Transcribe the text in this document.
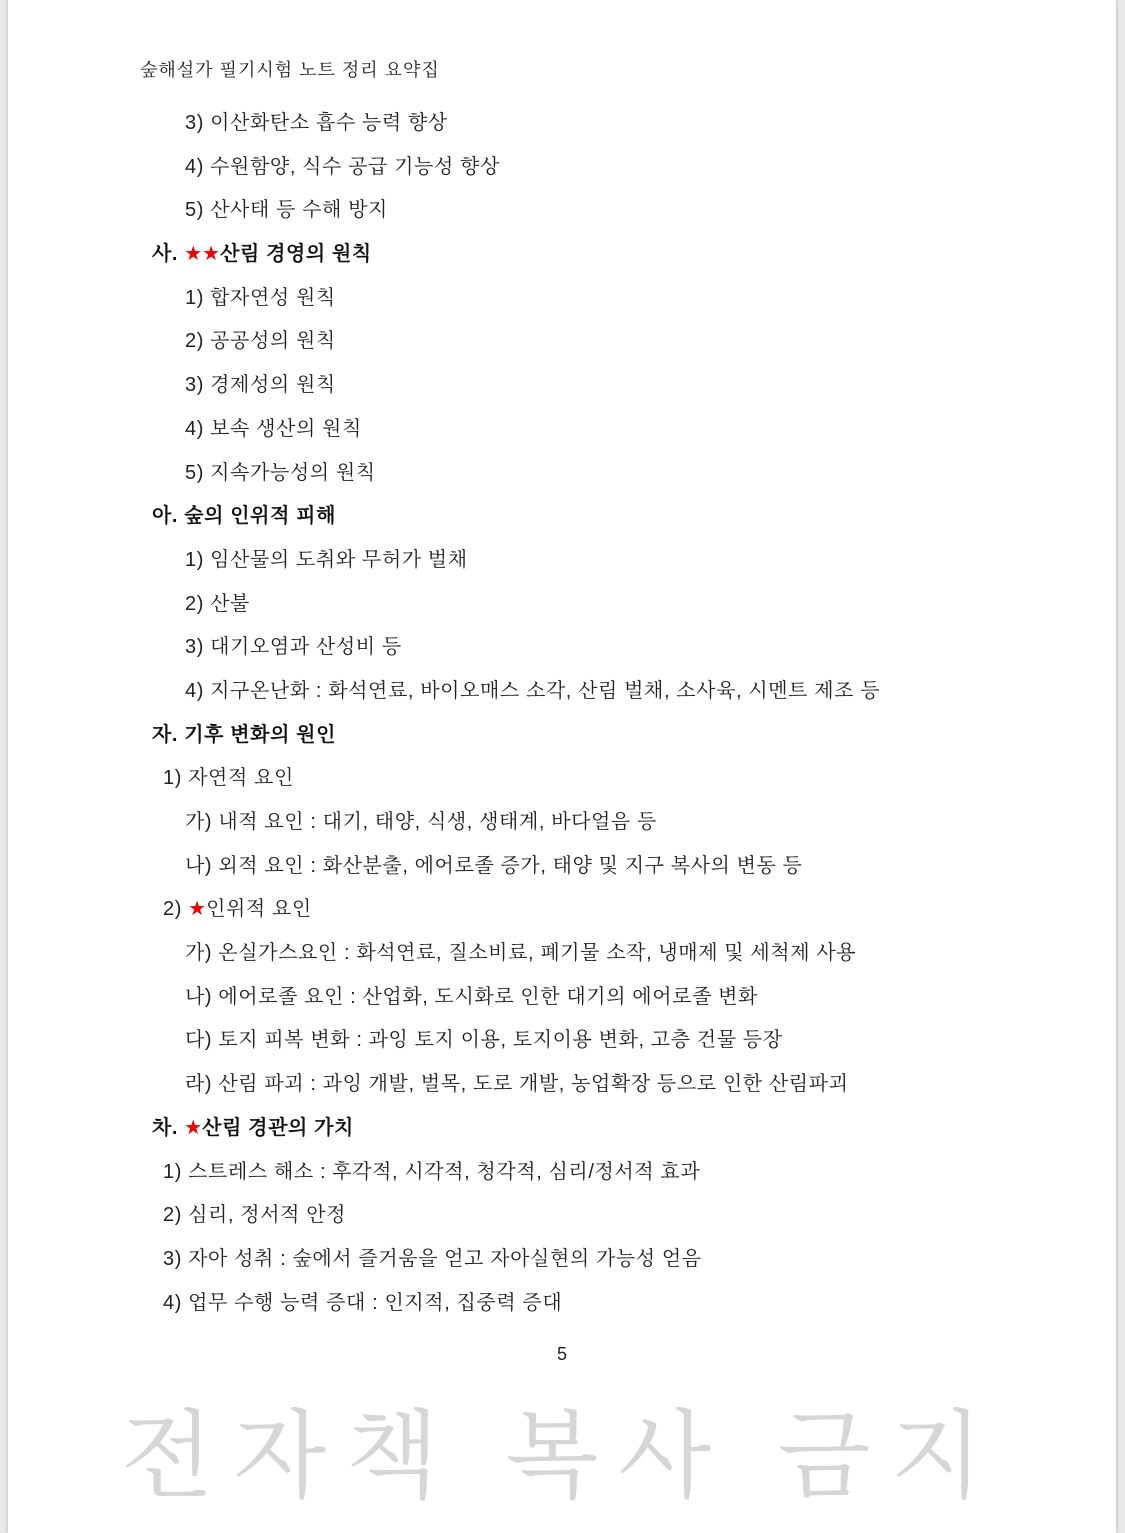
숲해설가 필기시험 노트 정리 요약집
3) 이산화탄소 흡수 능력 향상
4) 수원함양, 식수 공급 기능성 향상
5) 산사태 등 수해 방지
사. ★★산림 경영의 원칙
1) 합자연성 원칙
2) 공공성의 원칙
3) 경제성의 원칙
4) 보속 생산의 원칙
5) 지속가능성의 원칙
아. 숲의 인위적 피해
1) 임산물의 도취와 무허가 벌채
2) 산불
3) 대기오염과 산성비 등
4) 지구온난화 : 화석연료, 바이오매스 소각, 산림 벌채, 소사육, 시멘트 제조 등
자. 기후 변화의 원인
1) 자연적 요인
가) 내적 요인 : 대기, 태양, 식생, 생태계, 바다얼음 등
나) 외적 요인 : 화산분출, 에어로졸 증가, 태양 및 지구 복사의 변동 등
2) ★인위적 요인
가) 온실가스요인 : 화석연료, 질소비료, 폐기물 소작, 냉매제 및 세척제 사용
나) 에어로졸 요인 : 산업화, 도시화로 인한 대기의 에어로졸 변화
다) 토지 피복 변화 : 과잉 토지 이용, 토지이용 변화, 고층 건물 등장
라) 산림 파괴 : 과잉 개발, 벌목, 도로 개발, 농업확장 등으로 인한 산림파괴
차. ★산림 경관의 가치
1) 스트레스 해소 : 후각적, 시각적, 청각적, 심리/정서적 효과
2) 심리, 정서적 안정
3) 자아 성취 : 숲에서 즐거움을 얻고 자아실현의 가능성 얻음
4) 업무 수행 능력 증대 : 인지적, 집중력 증대
5
전자책 복사 금지
